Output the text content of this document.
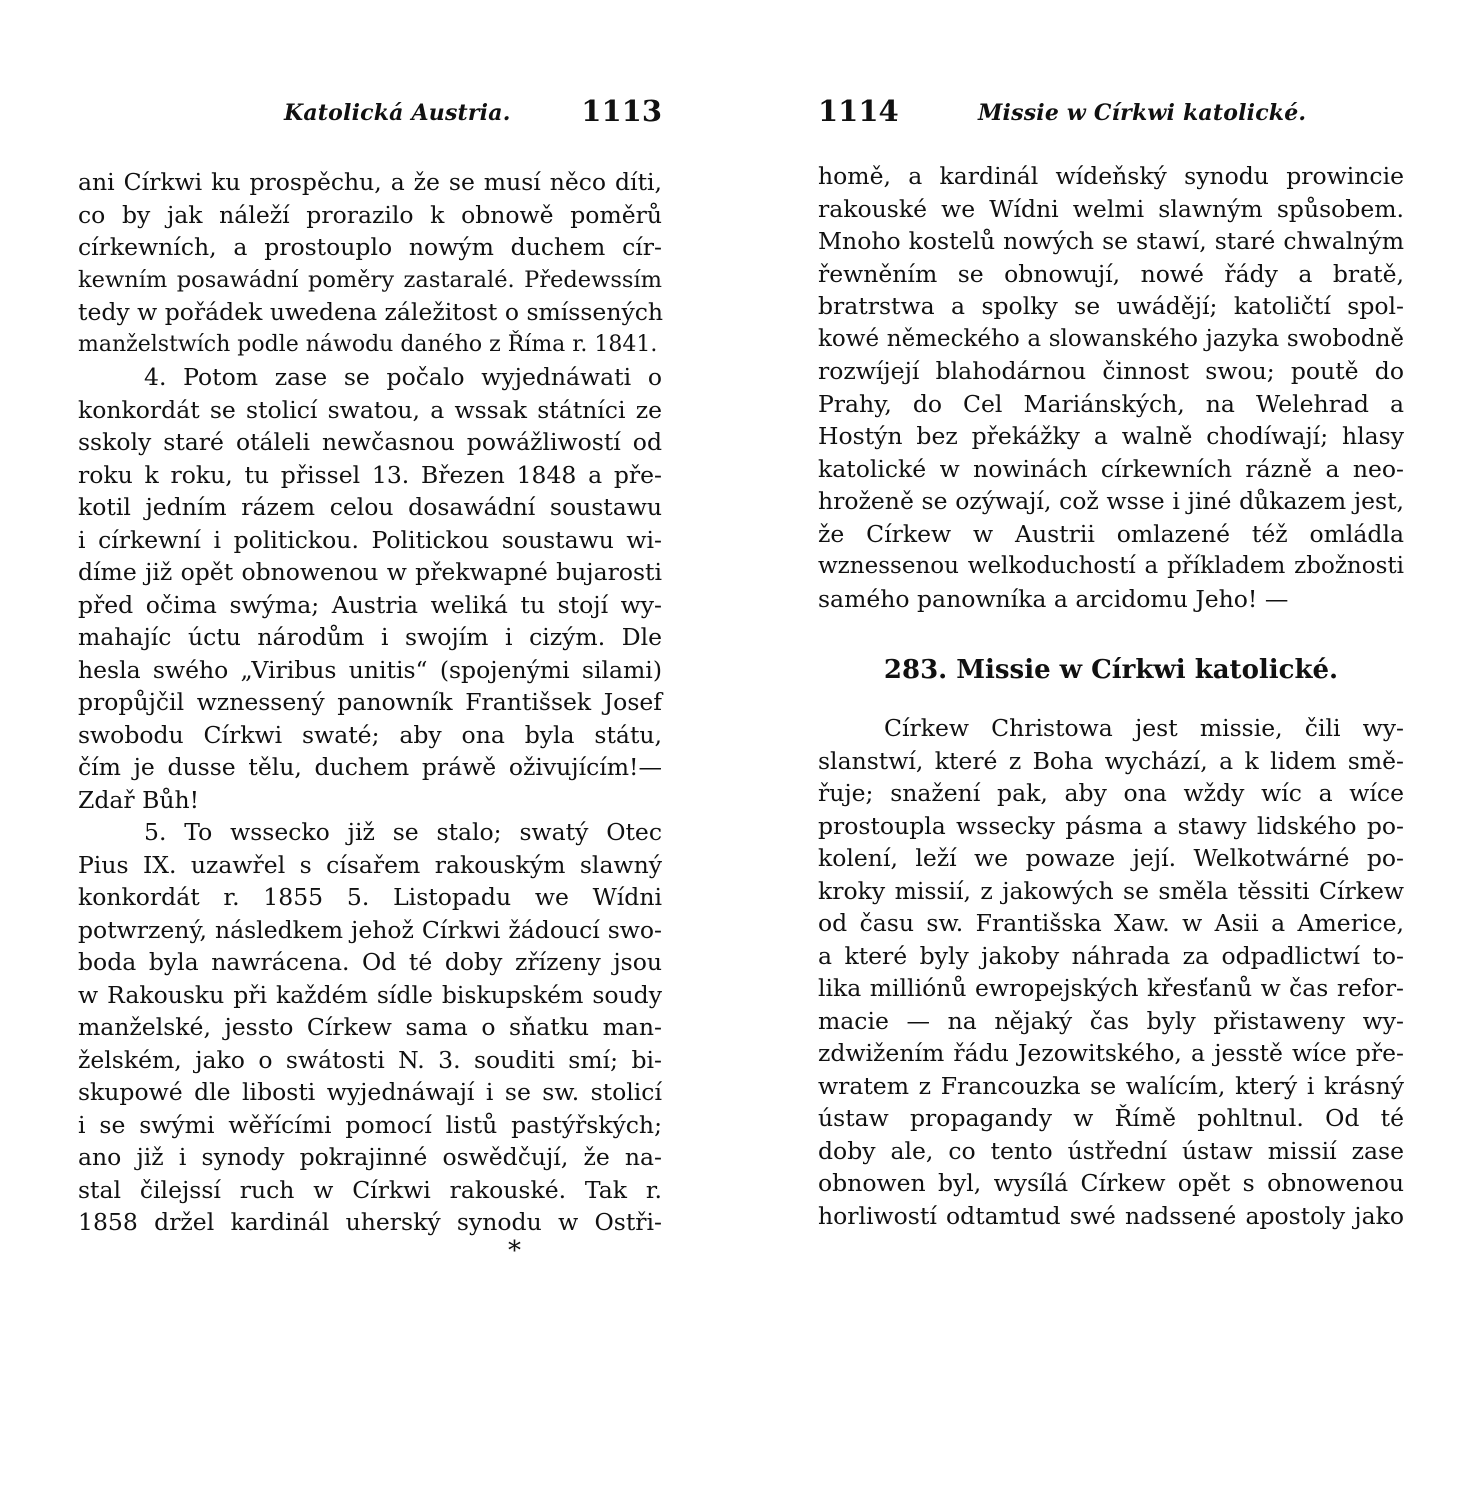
Katolická Austria. 1113
ani Církwi ku prospěchu, a že se musí něco díti,
co by jak náleží prorazilo k obnowě poměrů
církewních, a prostouplo nowým duchem cír-
kewním posawádní poměry zastaralé. Předewssím
tedy w pořádek uwedena záležitost o smíssených
manželstwích podle náwodu daného z Říma r. 1841.
4. Potom zase se počalo wyjednáwati o
konkordát se stolicí swatou, a wssak státníci ze
sskoly staré otáleli newčasnou powážliwostí od
roku k roku, tu přissel 13. Březen 1848 a pře-
kotil jedním rázem celou dosawádní soustawu
i církewní i politickou. Politickou soustawu wi-
díme již opět obnowenou w překwapné bujarosti
před očima swýma; Austria weliká tu stojí wy-
mahajíc úctu národům i swojím i cizým. Dle
hesla swého „Viribus unitis“ (spojenými silami)
propůjčil wznessený panowník Františsek Josef
swobodu Církwi swaté; aby ona byla státu,
čím je dusse tělu, duchem práwě oživujícím!—
Zdař Bůh!
5. To wssecko již se stalo; swatý Otec
Pius IX. uzawřel s císařem rakouským slawný
konkordát r. 1855 5. Listopadu we Wídni
potwrzený, následkem jehož Církwi žádoucí swo-
boda byla nawrácena. Od té doby zřízeny jsou
w Rakousku při každém sídle biskupském soudy
manželské, jessto Církew sama o sňatku man-
želském, jako o swátosti N. 3. souditi smí; bi-
skupowé dle libosti wyjednáwají i se sw. stolicí
i se swými wěřícími pomocí listů pastýřských;
ano již i synody pokrajinné oswědčují, že na-
stal čilejssí ruch w Církwi rakouské. Tak r.
1858 držel kardinál uherský synodu w Ostři-
*
1114	Missie w Církwi katolické.
homě, a kardinál wídeňský synodu prowincie
rakouské we Wídni welmi slawným spůsobem.
Mnoho kostelů nowých se stawí, staré chwalným
řewněním se obnowují, nowé řády a bratě,
bratrstwa a spolky se uwádějí; katoličtí spol-
kowé německého a slowanského jazyka swobodně
rozwíjejí blahodárnou činnost swou; poutě do
Prahy, do Cel Mariánských, na Welehrad a
Hostýn bez překážky a walně chodíwají; hlasy
katolické w nowinách církewních rázně a neo-
hroženě se ozýwají, což wsse i jiné důkazem jest,
že Církew w Austrii omlazené též omládla
wznessenou welkoduchostí a příkladem zbožnosti
samého panowníka a arcidomu Jeho! —
283. Missie w Církwi katolické.
Církew Christowa jest missie, čili wy-
slanstwí, které z Boha wychází, a k lidem smě-
řuje; snažení pak, aby ona wždy wíc a wíce
prostoupla wssecky pásma a stawy lidského po-
kolení, leží we powaze její. Welkotwárné po-
kroky missií, z jakowých se směla těssiti Církew
od času sw. Františska Xaw. w Asii a Americe,
a které byly jakoby náhrada za odpadlictwí to-
lika milliónů ewropejských křesťanů w čas refor-
macie — na nějaký čas byly přistaweny wy-
zdwižením řádu Jezowitského, a jesstě wíce pře-
wratem z Francouzka se walícím, který i krásný
ústaw propagandy w Římě pohltnul. Od té
doby ale, co tento ústřední ústaw missií zase
obnowen byl, wysílá Církew opět s obnowenou
horliwostí odtamtud swé nadssené apostoly jako
